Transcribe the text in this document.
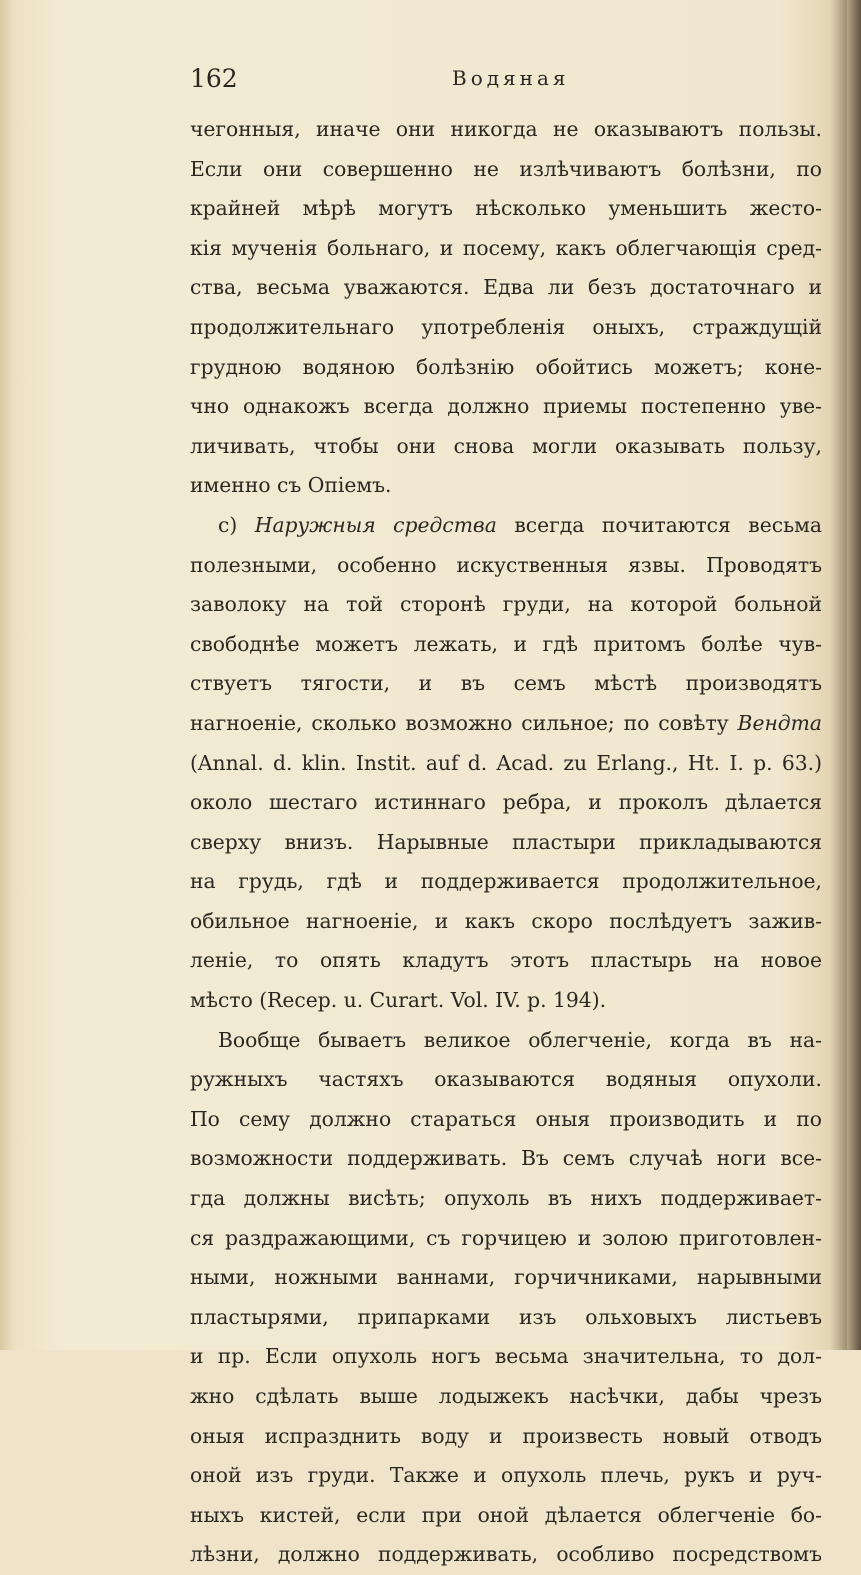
162	Водяная
чегонныя, иначе они никогда не оказываютъ пользы.
Если они совершенно не излѣчиваютъ болѣзни, по
крайней мѣрѣ могутъ нѣсколько уменьшить жесто-
кія мученія больнаго, и посему, какъ облегчающія сред-
ства, весьма уважаются. Едва ли безъ достаточнаго и
продолжительнаго употребленія оныхъ, страждущій
грудною водяною болѣзнію обойтись можетъ; коне-
чно однакожъ всегда должно приемы постепенно уве-
личивать, чтобы они снова могли оказывать пользу,
именно съ Опіемъ.
c) Наружныя средства всегда почитаются весьма
полезными, особенно искуственныя язвы. Проводятъ
заволоку на той сторонѣ груди, на которой больной
свободнѣе можетъ лежать, и гдѣ притомъ болѣе чув-
ствуетъ тягости, и въ семъ мѣстѣ производятъ
нагноеніе, сколько возможно сильное; по совѣту Вендта
(Annal. d. klin. Instit. auf d. Acad. zu Erlang., Ht. I. p. 63.)
около шестаго истиннаго ребра, и проколъ дѣлается
сверху внизъ. Нарывные пластыри прикладываются
на грудь, гдѣ и поддерживается продолжительное,
обильное нагноеніе, и какъ скоро послѣдуетъ зажив-
леніе, то опять кладутъ этотъ пластырь на новое
мѣсто (Recep. u. Curart. Vol. IV. p. 194).
Вообще бываетъ великое облегченіе, когда въ на-
ружныхъ частяхъ оказываются водяныя опухоли.
По сему должно стараться оныя производить и по
возможности поддерживать. Въ семъ случаѣ ноги все-
гда должны висѣть; опухоль въ нихъ поддерживает-
ся раздражающими, съ горчицею и золою приготовлен-
ными, ножными ваннами, горчичниками, нарывными
пластырями, припарками изъ ольховыхъ листьевъ
и пр. Если опухоль ногъ весьма значительна, то дол-
жно сдѣлать выше лодыжекъ насѣчки, дабы чрезъ
оныя испразднить воду и произвесть новый отводъ
оной изъ груди. Также и опухоль плечь, рукъ и руч-
ныхъ кистей, если при оной дѣлается облегченіе бо-
лѣзни, должно поддерживать, особливо посредствомъ
